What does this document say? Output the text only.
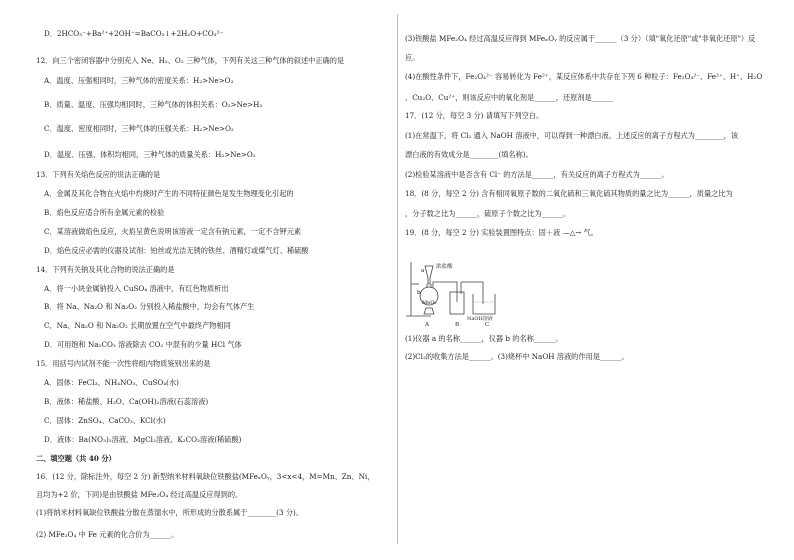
D．2HCO₃⁻+Ba²⁺+2OH⁻=BaCO₃↓+2H₂O+CO₃²⁻
12．向三个密闭容器中分别充入 Ne、H₂、O₂ 三种气体，下列有关这三种气体的叙述中正确的是
A．温度、压强相同时，三种气体的密度关系：H₂>Ne>O₂
B．质量、温度、压强均相同时，三种气体的体积关系：O₂>Ne>H₂
C．温度、密度相同时，三种气体的压强关系：H₂>Ne>O₂
D．温度、压强、体积均相同，三种气体的质量关系：H₂>Ne>O₂
13．下列有关焰色反应的说法正确的是
A．金属及其化合物在火焰中灼烧时产生的不同特征颜色是发生物理变化引起的
B．焰色反应适合所有金属元素的检验
C．某溶液做焰色反应，火焰呈黄色说明该溶液一定含有钠元素，一定不含钾元素
D．焰色反应必需的仪器及试剂：铂丝或光洁无锈的铁丝、酒精灯或煤气灯、稀硫酸
14．下列有关钠及其化合物的说法正确的是
A．将一小块金属钠投入 CuSO₄ 溶液中，有红色物质析出
B．将 Na、Na₂O 和 Na₂O₂ 分别投入稀盐酸中，均会有气体产生
C．Na、Na₂O 和 Na₂O₂ 长期放置在空气中最终产物相同
D．可用饱和 Na₂CO₃ 溶液除去 CO₂ 中混有的少量 HCl 气体
15．用括号内试剂不能一次性将组内物质鉴别出来的是
A．固体：FeCl₃、NH₄NO₃、CuSO₄(水)
B．液体：稀盐酸、H₂O、Ca(OH)₂溶液(石蕊溶液)
C．固体：ZnSO₄、CaCO₃、KCl(水)
D．液体：Ba(NO₃)₂溶液、MgCl₂溶液、K₂CO₃溶液(稀硫酸)
二、填空题（共 40 分）
16．(12 分，除标注外，每空 2 分) 新型纳米材料氧缺位铁酸盐(MFeₓOᵧ，3<x<4，M=Mn、Zn、Ni，
且均为+2 价，下同)是由铁酸盐 MFe₂O₄ 经过高温反应得到的。
(1)将纳米材料氧缺位铁酸盐分散在蒸馏水中，所形成的分散系属于________(3 分)。
(2) MFe₂O₄ 中 Fe 元素的化合价为______。
(3)铁酸盐 MFe₂O₄ 经过高温反应得到 MFeₓOᵧ 的反应属于______（3 分）（填"氧化还原"或"非氧化还原"）反
应。
(4)在酸性条件下，Fe₂O₄²⁻ 容易转化为 Fe²⁺，某反应体系中共存在下列 6 种粒子：Fe₂O₄²⁻、Fe²⁺、H⁺、H₂O
、Cu₂O、Cu²⁺，则该反应中的氧化剂是______，还原剂是______
17．(12 分，每空 3 分) 请填写下列空白。
(1)在常温下，将 Cl₂ 通入 NaOH 溶液中，可以得到一种漂白液。上述反应的离子方程式为________，该
漂白液的有效成分是________(填名称)。
(2)检验某溶液中是否含有 Cl⁻ 的方法是______，有关反应的离子方程式为______。
18．(8 分，每空 2 分) 含有相同氧原子数的二氧化硫和三氧化硫其物质的量之比为______，质量之比为
，分子数之比为______，硫原子个数之比为______。
19．(8 分，每空 2 分) 实验装置图特点：固＋液 —△→ 气。
(1)仪器 a 的名称______，仪器 b 的名称______。
(2)Cl₂的收集方法是______。(3)烧杯中 NaOH 溶液的作用是______。
浓盐酸
a
b
MnO₂
NaOH溶液
A	B	C
